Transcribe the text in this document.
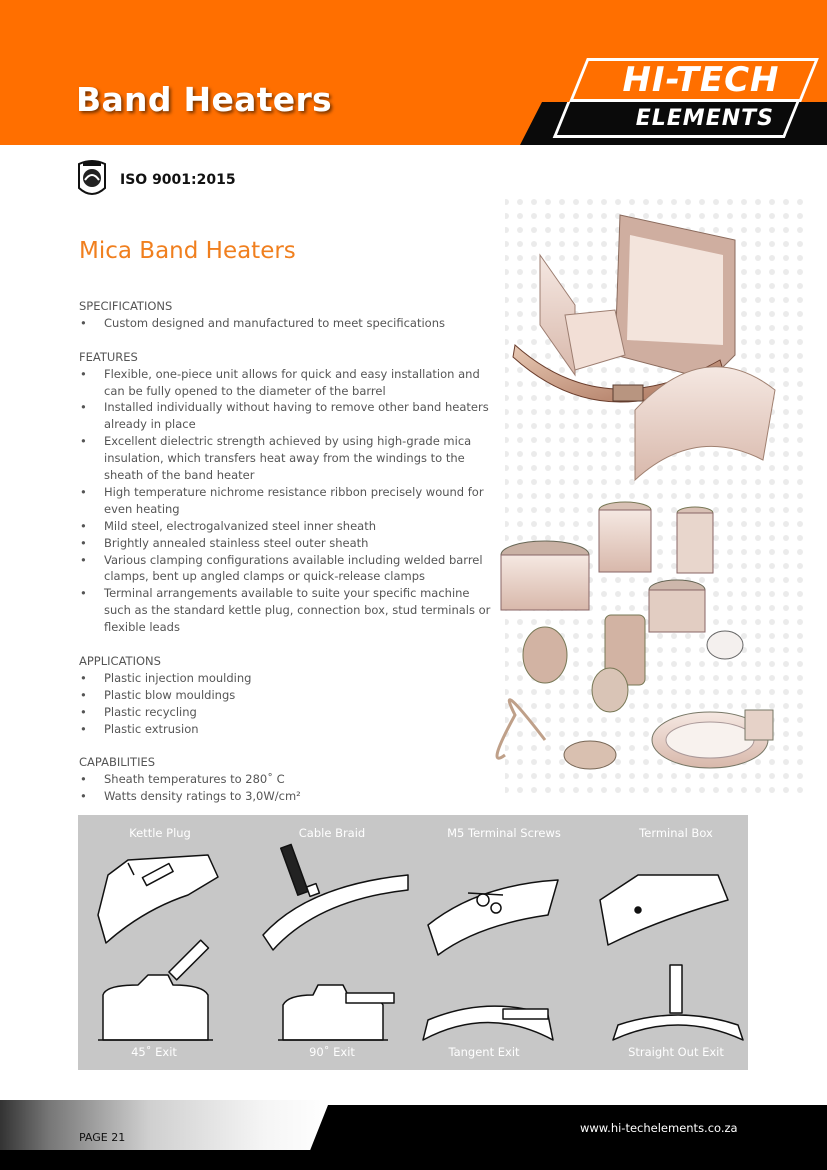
Band Heaters	HI-TECH
ELEMENTS
ISO 9001:2015
Mica Band Heaters
SPECIFICATIONS
• Custom designed and manufactured to meet specifications
FEATURES
• Flexible, one-piece unit allows for quick and easy installation and can be fully opened to the diameter of the barrel
• Installed individually without having to remove other band heaters already in place
• Excellent dielectric strength achieved by using high-grade mica insulation, which transfers heat away from the windings to the sheath of the band heater
• High temperature nichrome resistance ribbon precisely wound for even heating
• Mild steel, electrogalvanized steel inner sheath
• Brightly annealed stainless steel outer sheath
• Various clamping configurations available including welded barrel clamps, bent up angled clamps or quick-release clamps
• Terminal arrangements available to suite your specific machine such as the standard kettle plug, connection box, stud terminals or flexible leads
APPLICATIONS
• Plastic injection moulding
• Plastic blow mouldings
• Plastic recycling
• Plastic extrusion
CAPABILITIES
• Sheath temperatures to 280˚ C
• Watts density ratings to 3,0W/cm²
Kettle Plug	Cable Braid	M5 Terminal Screws	Terminal Box
45˚ Exit	90˚ Exit	Tangent Exit	Straight Out Exit
PAGE 21
www.hi-techelements.co.za
